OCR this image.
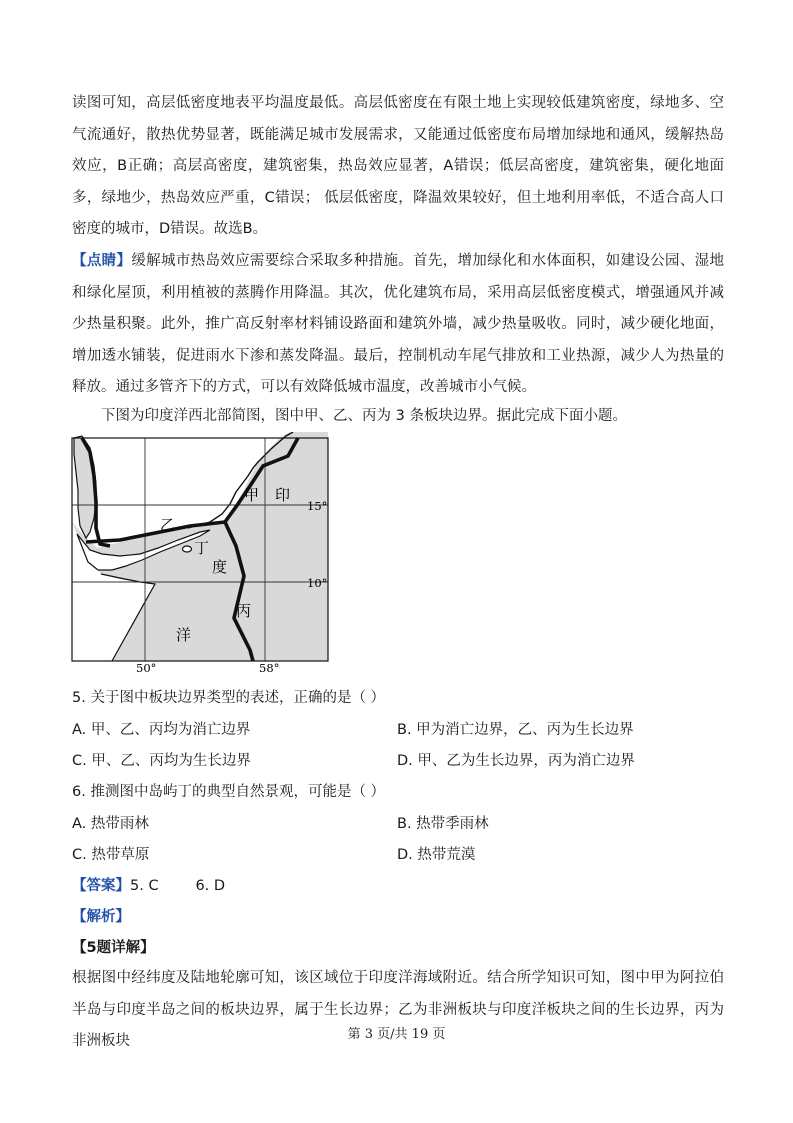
读图可知，高层低密度地表平均温度最低。高层低密度在有限土地上实现较低建筑密度，绿地多、空气流通好，散热优势显著，既能满足城市发展需求，又能通过低密度布局增加绿地和通风，缓解热岛效应，B正确；高层高密度，建筑密集，热岛效应显著，A错误；低层高密度，建筑密集，硬化地面多，绿地少，热岛效应严重，C错误； 低层低密度，降温效果较好，但土地利用率低，不适合高人口密度的城市，D错误。故选B。

【点睛】缓解城市热岛效应需要综合采取多种措施。首先，增加绿化和水体面积，如建设公园、湿地和绿化屋顶，利用植被的蒸腾作用降温。其次，优化建筑布局，采用高层低密度模式，增强通风并减少热量积聚。此外，推广高反射率材料铺设路面和建筑外墙，减少热量吸收。同时，减少硬化地面，增加透水铺装，促进雨水下渗和蒸发降温。最后，控制机动车尾气排放和工业热源，减少人为热量的释放。通过多管齐下的方式，可以有效降低城市温度，改善城市小气候。

下图为印度洋西北部简图，图中甲、乙、丙为 3 条板块边界。据此完成下面小题。
甲 印
乙
丁
度
丙
洋
15°
10°
50°	58°
5. 关于图中板块边界类型的表述，正确的是（ ）
A. 甲、乙、丙均为消亡边界	B. 甲为消亡边界，乙、丙为生长边界
C. 甲、乙、丙均为生长边界	D. 甲、乙为生长边界，丙为消亡边界
6. 推测图中岛屿丁的典型自然景观，可能是（ ）
A. 热带雨林	B. 热带季雨林
C. 热带草原	D. 热带荒漠
【答案】5. C        6. D
【解析】
【5题详解】

根据图中经纬度及陆地轮廓可知，该区域位于印度洋海域附近。结合所学知识可知，图中甲为阿拉伯半岛与印度半岛之间的板块边界，属于生长边界；乙为非洲板块与印度洋板块之间的生长边界，丙为非洲板块	第 3 页/共 19 页
